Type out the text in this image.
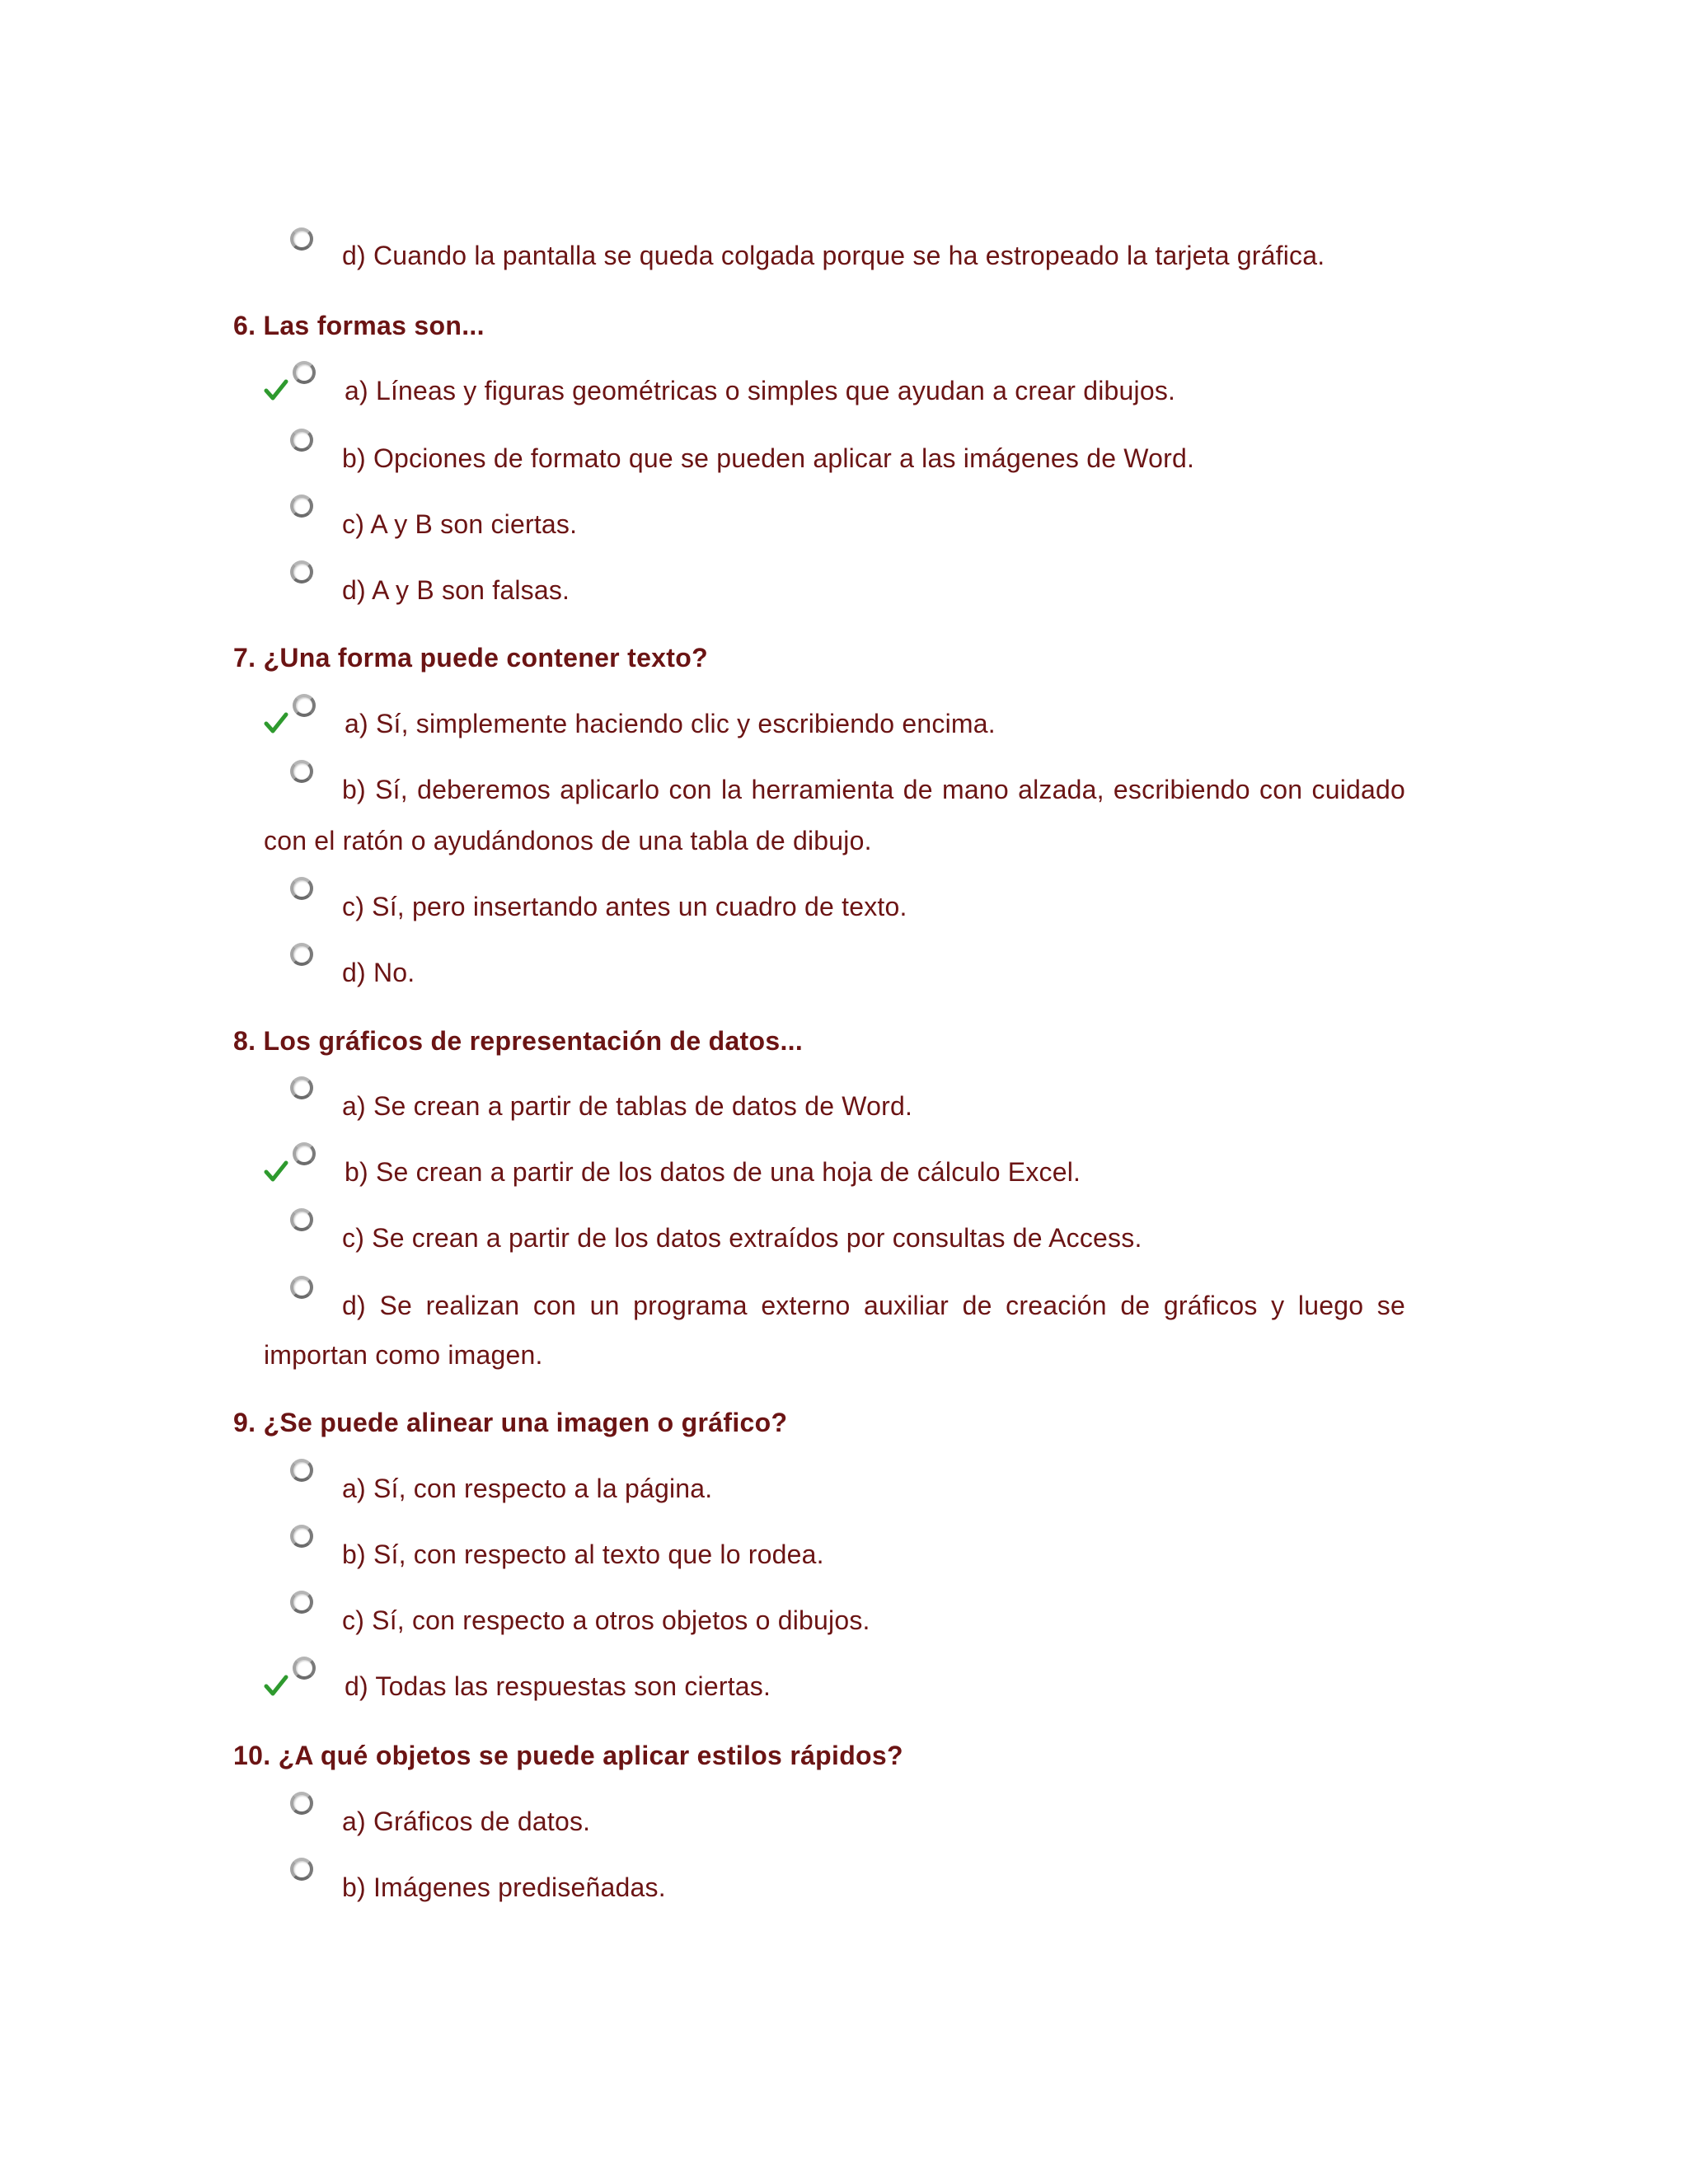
d) Cuando la pantalla se queda colgada porque se ha estropeado la tarjeta gráfica.
6. Las formas son...
a) Líneas y figuras geométricas o simples que ayudan a crear dibujos.
b) Opciones de formato que se pueden aplicar a las imágenes de Word.
c) A y B son ciertas.
d) A y B son falsas.
7. ¿Una forma puede contener texto?
a) Sí, simplemente haciendo clic y escribiendo encima.
b) Sí, deberemos aplicarlo con la herramienta de mano alzada, escribiendo con cuidado
con el ratón o ayudándonos de una tabla de dibujo.
c) Sí, pero insertando antes un cuadro de texto.
d) No.
8. Los gráficos de representación de datos...
a) Se crean a partir de tablas de datos de Word.
b) Se crean a partir de los datos de una hoja de cálculo Excel.
c) Se crean a partir de los datos extraídos por consultas de Access.
d) Se realizan con un programa externo auxiliar de creación de gráficos y luego se
importan como imagen.
9. ¿Se puede alinear una imagen o gráfico?
a) Sí, con respecto a la página.
b) Sí, con respecto al texto que lo rodea.
c) Sí, con respecto a otros objetos o dibujos.
d) Todas las respuestas son ciertas.
10. ¿A qué objetos se puede aplicar estilos rápidos?
a) Gráficos de datos.
b) Imágenes prediseñadas.
